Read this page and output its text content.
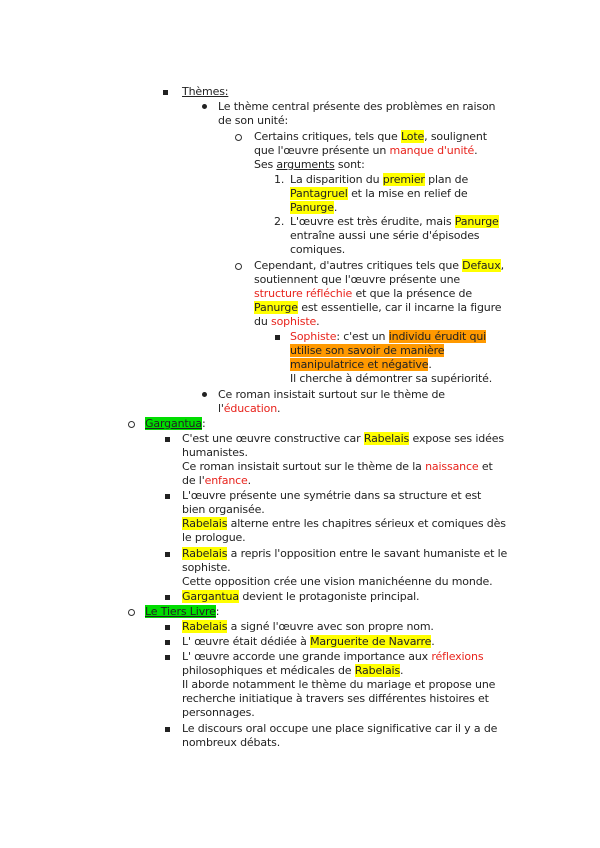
Thèmes:
Le thème central présente des problèmes en raison
de son unité:
Certains critiques, tels que Lote, soulignent
que l'œuvre présente un manque d'unité.
Ses arguments sont:
1. La disparition du premier plan de
Pantagruel et la mise en relief de
Panurge.
2. L'œuvre est très érudite, mais Panurge
entraîne aussi une série d'épisodes
comiques.
Cependant, d'autres critiques tels que Defaux,
soutiennent que l'œuvre présente une
structure réfléchie et que la présence de
Panurge est essentielle, car il incarne la figure
du sophiste.
Sophiste: c'est un individu érudit qui
utilise son savoir de manière
manipulatrice et négative.
Il cherche à démontrer sa supériorité.
Ce roman insistait surtout sur le thème de
l'éducation.
Gargantua:
C'est une œuvre constructive car Rabelais expose ses idées
humanistes.
Ce roman insistait surtout sur le thème de la naissance et
de l'enfance.
L'œuvre présente une symétrie dans sa structure et est
bien organisée.
Rabelais alterne entre les chapitres sérieux et comiques dès
le prologue.
Rabelais a repris l'opposition entre le savant humaniste et le
sophiste.
Cette opposition crée une vision manichéenne du monde.
Gargantua devient le protagoniste principal.
Le Tiers Livre:
Rabelais a signé l'œuvre avec son propre nom.
L' œuvre était dédiée à Marguerite de Navarre.
L' œuvre accorde une grande importance aux réflexions
philosophiques et médicales de Rabelais.
Il aborde notamment le thème du mariage et propose une
recherche initiatique à travers ses différentes histoires et
personnages.
Le discours oral occupe une place significative car il y a de
nombreux débats.
